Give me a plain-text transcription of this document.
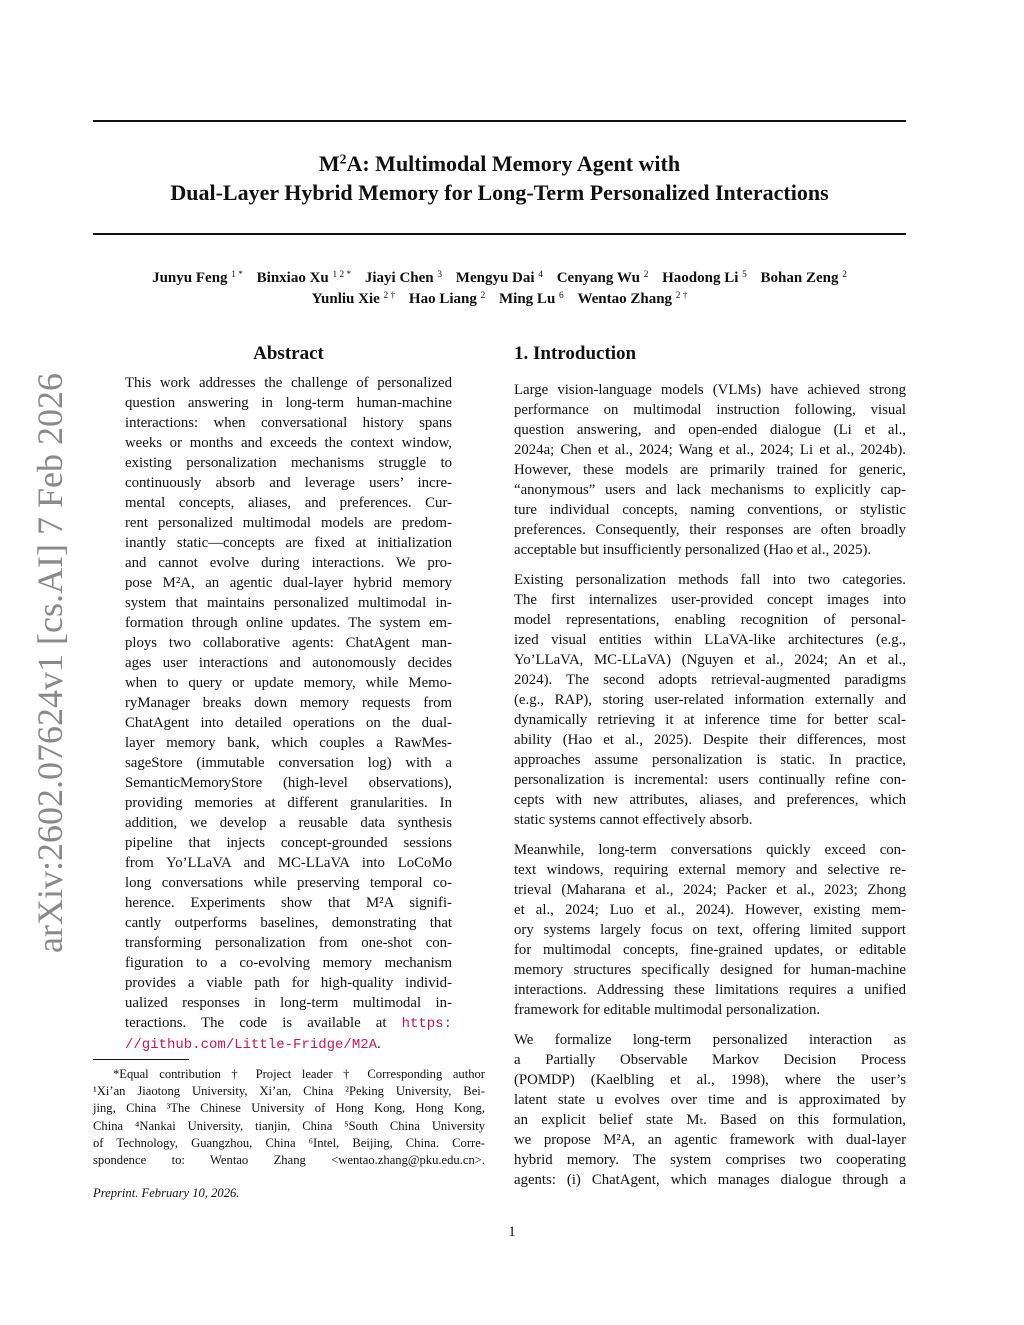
arXiv:2602.07624v1 [cs.AI] 7 Feb 2026
$M^2A$: Multimodal Memory Agent with
Dual-Layer Hybrid Memory for Long-Term Personalized Interactions
Junyu Feng $^{1 *}$ Binxiao Xu $^{1 2 *}$ Jiayi Chen $^3$ Mengyu Dai $^4$ Cenyang Wu $^2$ Haodong Li $^5$ Bohan Zeng $^2$
Yunliu Xie $^{2 \dagger}$ Hao Liang $^2$ Ming Lu $^6$ Wentao Zhang $^{2 \dagger}$
Abstract

This work addresses the challenge of personalized
question answering in long-term human-machine
interactions: when conversational history spans
weeks or months and exceeds the context window,
existing personalization mechanisms struggle to
continuously absorb and leverage users’ incre-
mental concepts, aliases, and preferences. Cur-
rent personalized multimodal models are predom-
inantly static—concepts are fixed at initialization
and cannot evolve during interactions. We pro-
pose M²A, an agentic dual-layer hybrid memory
system that maintains personalized multimodal in-
formation through online updates. The system em-
ploys two collaborative agents: ChatAgent man-
ages user interactions and autonomously decides
when to query or update memory, while Memo-
ryManager breaks down memory requests from
ChatAgent into detailed operations on the dual-
layer memory bank, which couples a RawMes-
sageStore (immutable conversation log) with a
SemanticMemoryStore (high-level observations),
providing memories at different granularities. In
addition, we develop a reusable data synthesis
pipeline that injects concept-grounded sessions
from Yo’LLaVA and MC-LLaVA into LoCoMo
long conversations while preserving temporal co-
herence. Experiments show that M²A signifi-
cantly outperforms baselines, demonstrating that
transforming personalization from one-shot con-
figuration to a co-evolving memory mechanism
provides a viable path for high-quality individ-
ualized responses in long-term multimodal in-
teractions. The code is available at https:
//github.com/Little-Fridge/M2A.

*Equal contribution † Project leader † Corresponding author
¹Xi’an Jiaotong University, Xi’an, China ²Peking University, Bei-
jing, China ³The Chinese University of Hong Kong, Hong Kong,
China ⁴Nankai University, tianjin, China ⁵South China University
of Technology, Guangzhou, China ⁶Intel, Beijing, China. Corre-
spondence to: Wentao Zhang <wentao.zhang@pku.edu.cn>.
Preprint. February 10, 2026.
1. Introduction

Large vision-language models (VLMs) have achieved strong
performance on multimodal instruction following, visual
question answering, and open-ended dialogue (Li et al.,
2024a; Chen et al., 2024; Wang et al., 2024; Li et al., 2024b).
However, these models are primarily trained for generic,
“anonymous” users and lack mechanisms to explicitly cap-
ture individual concepts, naming conventions, or stylistic
preferences. Consequently, their responses are often broadly
acceptable but insufficiently personalized (Hao et al., 2025).

Existing personalization methods fall into two categories.
The first internalizes user-provided concept images into
model representations, enabling recognition of personal-
ized visual entities within LLaVA-like architectures (e.g.,
Yo’LLaVA, MC-LLaVA) (Nguyen et al., 2024; An et al.,
2024). The second adopts retrieval-augmented paradigms
(e.g., RAP), storing user-related information externally and
dynamically retrieving it at inference time for better scal-
ability (Hao et al., 2025). Despite their differences, most
approaches assume personalization is static. In practice,
personalization is incremental: users continually refine con-
cepts with new attributes, aliases, and preferences, which
static systems cannot effectively absorb.

Meanwhile, long-term conversations quickly exceed con-
text windows, requiring external memory and selective re-
trieval (Maharana et al., 2024; Packer et al., 2023; Zhong
et al., 2024; Luo et al., 2024). However, existing mem-
ory systems largely focus on text, offering limited support
for multimodal concepts, fine-grained updates, or editable
memory structures specifically designed for human-machine
interactions. Addressing these limitations requires a unified
framework for editable multimodal personalization.

We formalize long-term personalized interaction as
a Partially Observable Markov Decision Process
(POMDP) (Kaelbling et al., 1998), where the user’s
latent state u evolves over time and is approximated by
an explicit belief state Mₜ. Based on this formulation,
we propose M²A, an agentic framework with dual-layer
hybrid memory. The system comprises two cooperating
agents: (i) ChatAgent, which manages dialogue through a

1
